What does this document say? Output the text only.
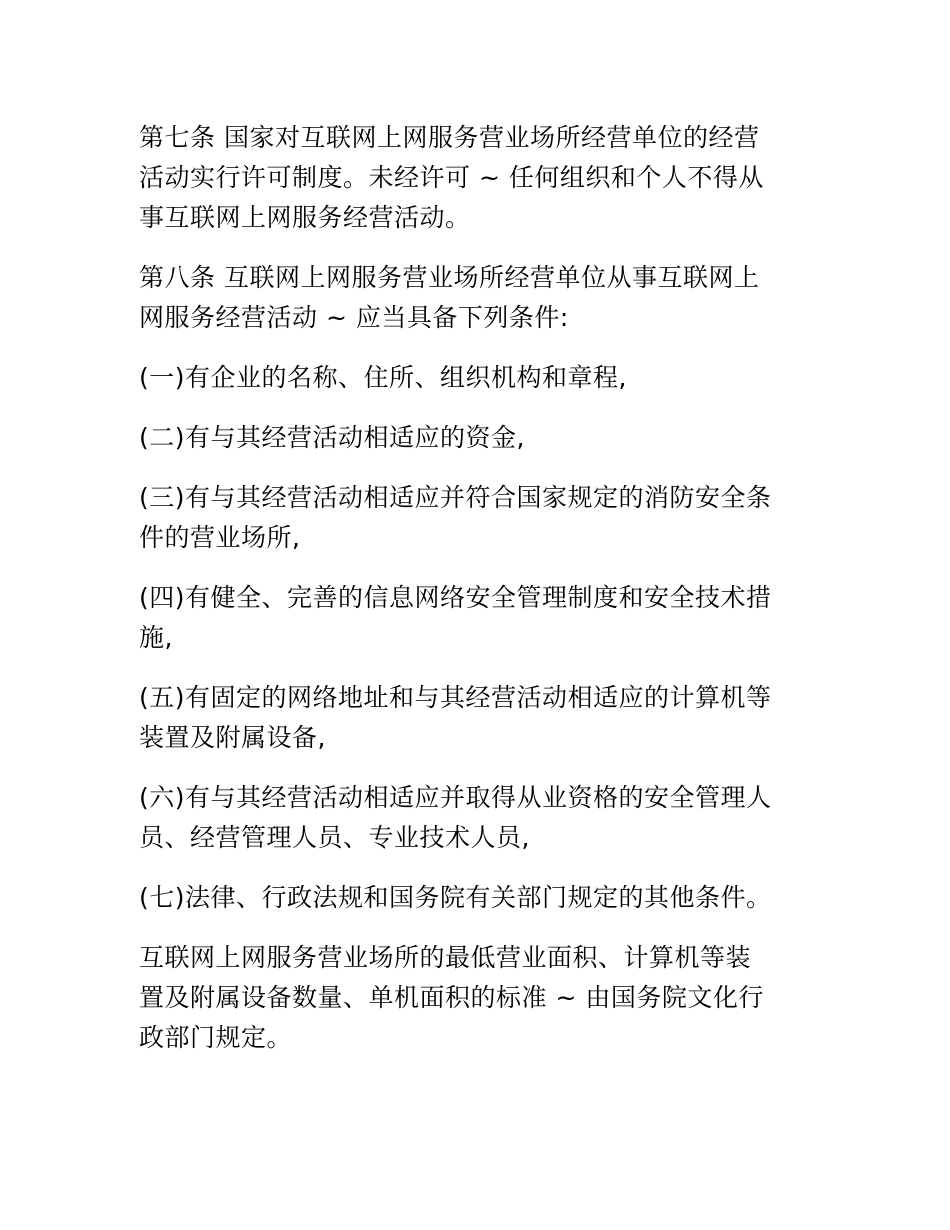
第七条 国家对互联网上网服务营业场所经营单位的经营
活动实行许可制度。未经许可 ~ 任何组织和个人不得从
事互联网上网服务经营活动。

第八条 互联网上网服务营业场所经营单位从事互联网上
网服务经营活动 ~ 应当具备下列条件:

(一)有企业的名称、住所、组织机构和章程,

(二)有与其经营活动相适应的资金,

(三)有与其经营活动相适应并符合国家规定的消防安全条
件的营业场所,

(四)有健全、完善的信息网络安全管理制度和安全技术措
施,

(五)有固定的网络地址和与其经营活动相适应的计算机等
装置及附属设备,

(六)有与其经营活动相适应并取得从业资格的安全管理人
员、经营管理人员、专业技术人员,

(七)法律、行政法规和国务院有关部门规定的其他条件。

互联网上网服务营业场所的最低营业面积、计算机等装
置及附属设备数量、单机面积的标准 ~ 由国务院文化行
政部门规定。
